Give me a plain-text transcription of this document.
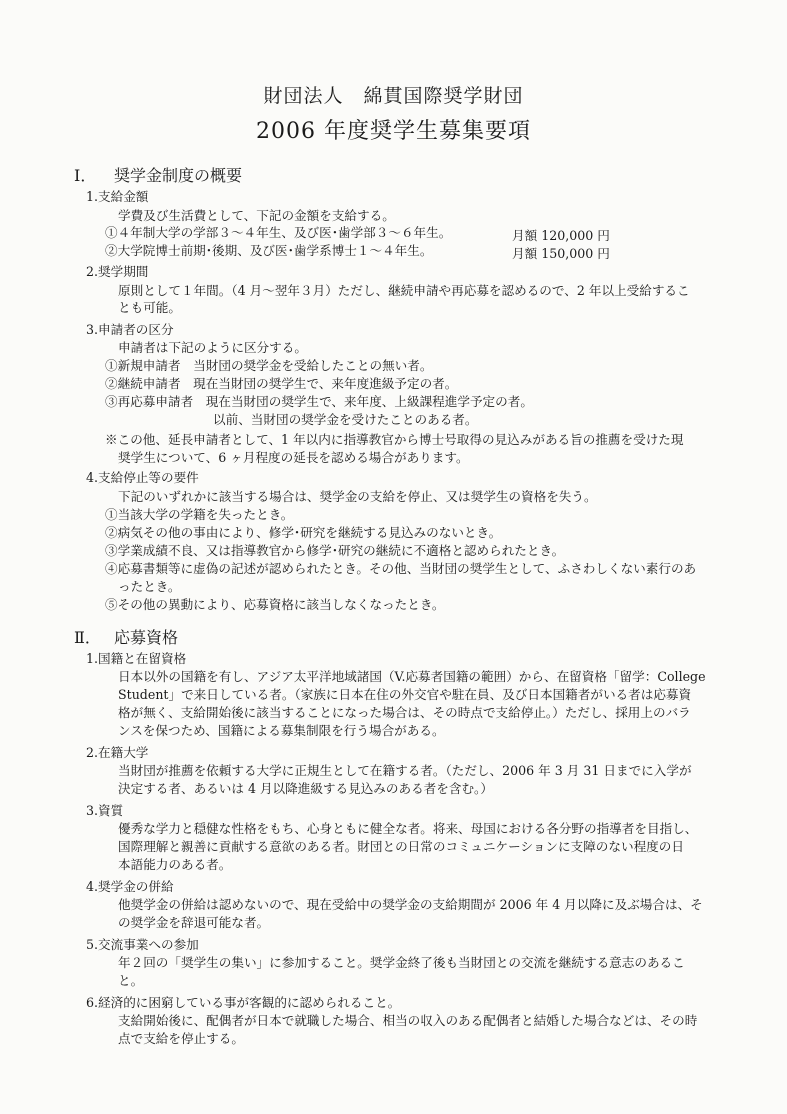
財団法人　綿貫国際奨学財団
2006 年度奨学生募集要項
Ⅰ． 奨学金制度の概要
1.支給金額
学費及び生活費として、下記の金額を支給する。
①４年制大学の学部３～４年生、及び医･歯学部３～６年生。	月額 120,000 円
②大学院博士前期･後期、及び医･歯学系博士１～４年生。	月額 150,000 円
2.奨学期間
原則として１年間。（4 月～翌年３月）ただし、継続申請や再応募を認めるので、2 年以上受給するこ
とも可能。
3.申請者の区分
申請者は下記のように区分する。
①新規申請者　当財団の奨学金を受給したことの無い者。
②継続申請者　現在当財団の奨学生で、来年度進級予定の者。
③再応募申請者　現在当財団の奨学生で、来年度、上級課程進学予定の者。
以前、当財団の奨学金を受けたことのある者。
※この他、延長申請者として、1 年以内に指導教官から博士号取得の見込みがある旨の推薦を受けた現
奨学生について、6 ヶ月程度の延長を認める場合があります。
4.支給停止等の要件
下記のいずれかに該当する場合は、奨学金の支給を停止、又は奨学生の資格を失う。
①当該大学の学籍を失ったとき。
②病気その他の事由により、修学･研究を継続する見込みのないとき。
③学業成績不良、又は指導教官から修学･研究の継続に不適格と認められたとき。
④応募書類等に虚偽の記述が認められたとき。その他、当財団の奨学生として、ふさわしくない素行のあ
ったとき。
⑤その他の異動により、応募資格に該当しなくなったとき。
Ⅱ． 応募資格
1.国籍と在留資格
日本以外の国籍を有し、アジア太平洋地域諸国（V.応募者国籍の範囲）から、在留資格「留学：College
Student」で来日している者。（家族に日本在住の外交官や駐在員、及び日本国籍者がいる者は応募資
格が無く、支給開始後に該当することになった場合は、その時点で支給停止。）ただし、採用上のバラ
ンスを保つため、国籍による募集制限を行う場合がある。
2.在籍大学
当財団が推薦を依頼する大学に正規生として在籍する者。（ただし、2006 年 3 月 31 日までに入学が
決定する者、あるいは 4 月以降進級する見込みのある者を含む。）
3.資質
優秀な学力と穏健な性格をもち、心身ともに健全な者。将来、母国における各分野の指導者を目指し、
国際理解と親善に貢献する意欲のある者。財団との日常のコミュニケーションに支障のない程度の日
本語能力のある者。
4.奨学金の併給
他奨学金の併給は認めないので、現在受給中の奨学金の支給期間が 2006 年 4 月以降に及ぶ場合は、そ
の奨学金を辞退可能な者。
5.交流事業への参加
年２回の「奨学生の集い」に参加すること。奨学金終了後も当財団との交流を継続する意志のあるこ
と。
6.経済的に困窮している事が客観的に認められること。
支給開始後に、配偶者が日本で就職した場合、相当の収入のある配偶者と結婚した場合などは、その時
点で支給を停止する。
